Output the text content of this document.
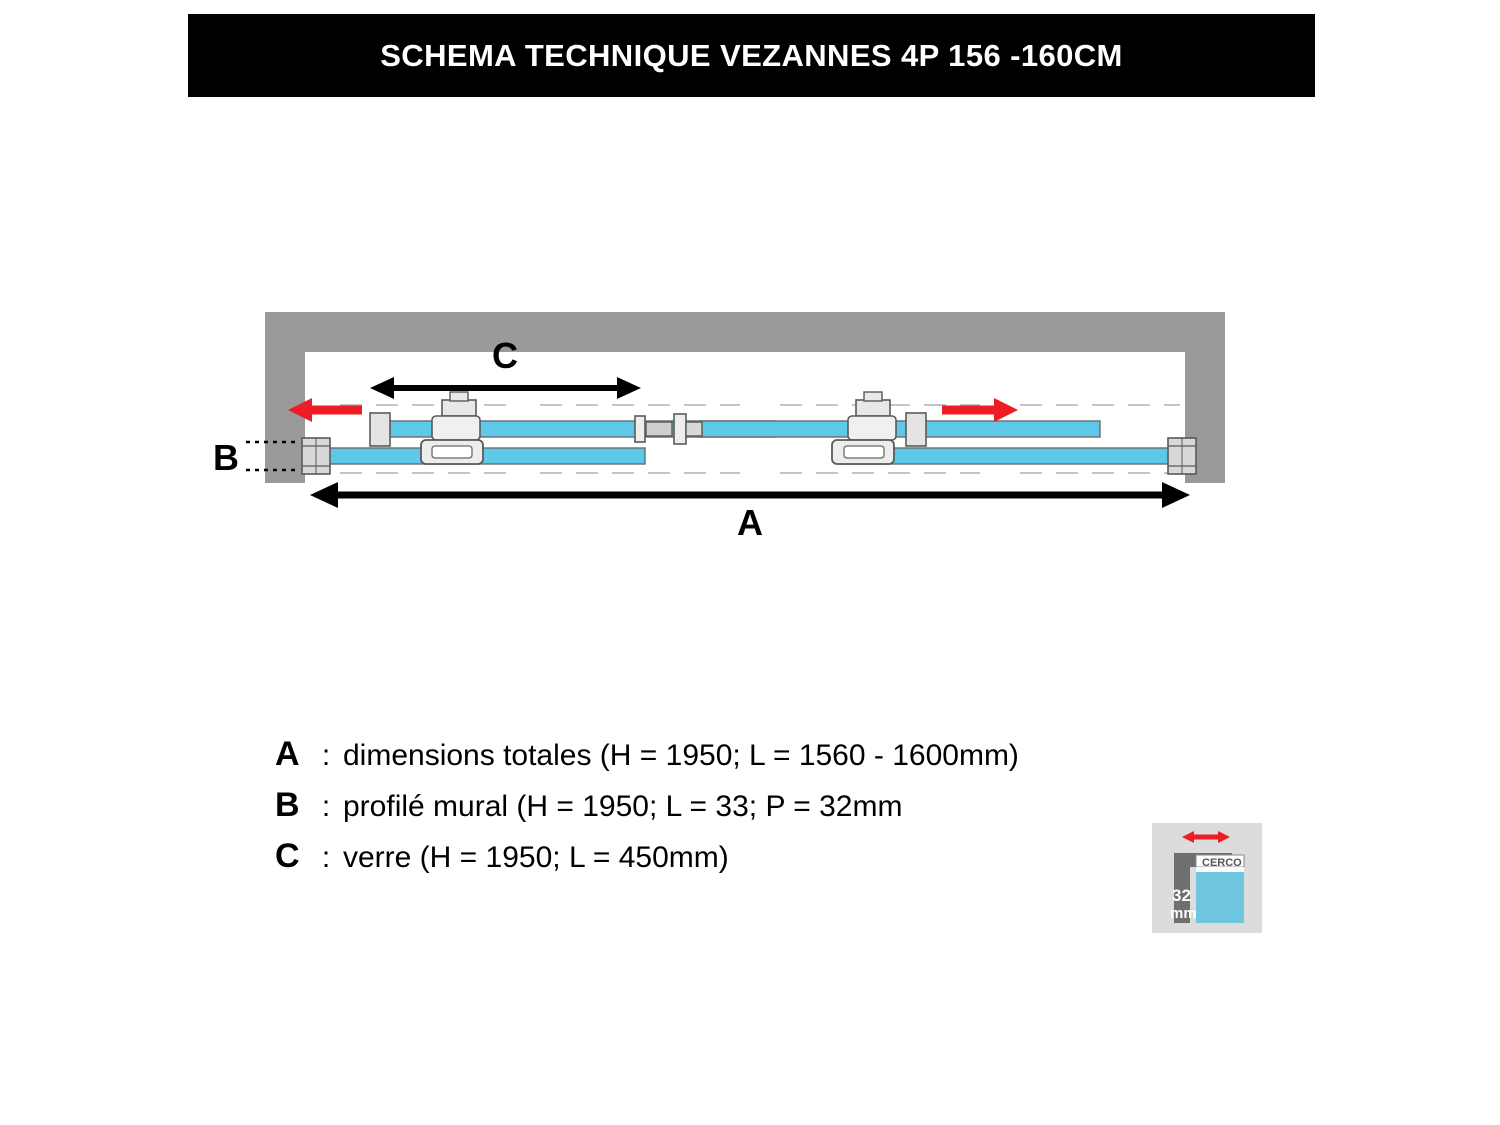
SCHEMA TECHNIQUE VEZANNES 4P 156 -160CM
C
A
B
A : dimensions totales (H = 1950; L = 1560 - 1600mm)
B : profilé mural (H = 1950; L = 33; P = 32mm
C : verre (H = 1950; L = 450mm)
32
mm
CERCO
